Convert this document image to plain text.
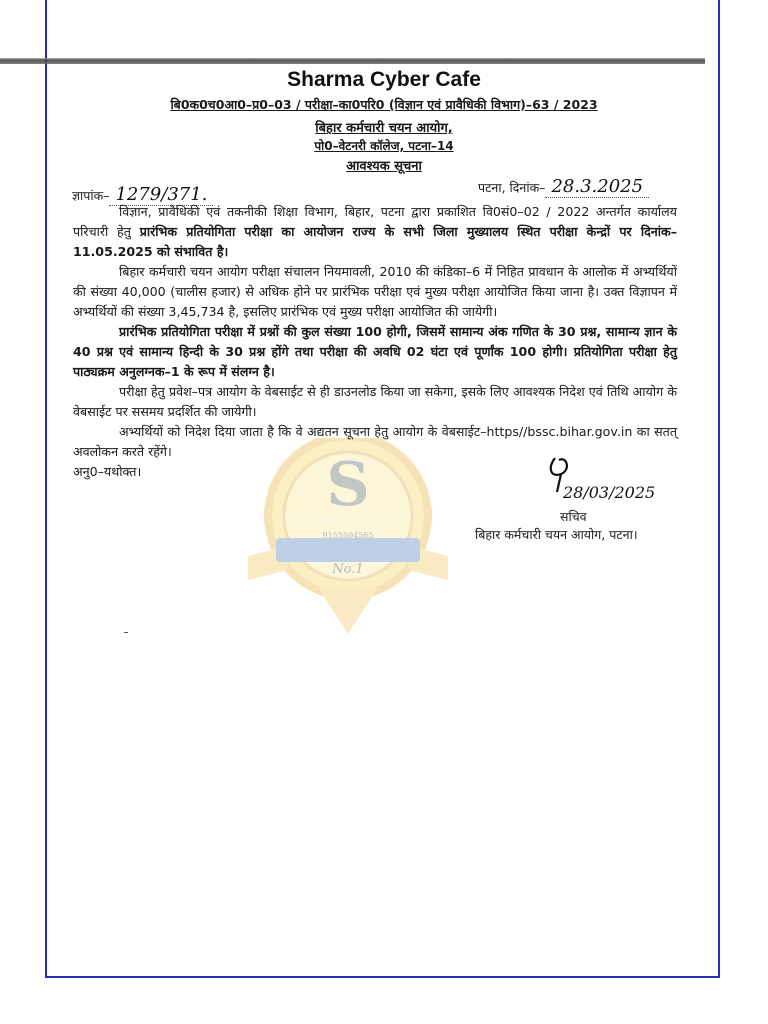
Sharma Cyber Cafe
बि0क0च0आ0–प्र0–03 / परीक्षा–का0परि0 (विज्ञान एवं प्रावैधिकी विभाग)–63 / 2023
बिहार कर्मचारी चयन आयोग,
पो0–वेटनरी कॉलेज, पटना–14
आवश्यक सूचना
ज्ञापांक– 1279/371.	पटना, दिनांक– 28.3.2025
S
SHARMA CYBER CAFE
9155504565
No.1

विज्ञान, प्रावैधिकी एवं तकनीकी शिक्षा विभाग, बिहार, पटना द्वारा प्रकाशित वि0सं0–02 / 2022 अन्तर्गत कार्यालय परिचारी हेतु प्रारंभिक प्रतियोगिता परीक्षा का आयोजन राज्य के सभी जिला मुख्यालय स्थित परीक्षा केन्द्रों पर दिनांक–11.05.2025 को संभावित है।

बिहार कर्मचारी चयन आयोग परीक्षा संचालन नियमावली, 2010 की कंडिका–6 में निहित प्रावधान के आलोक में अभ्यर्थियों की संख्या 40,000 (चालीस हजार) से अधिक होने पर प्रारंभिक परीक्षा एवं मुख्य परीक्षा आयोजित किया जाना है। उक्त विज्ञापन में अभ्यर्थियों की संख्या 3,45,734 है, इसलिए प्रारंभिक एवं मुख्य परीक्षा आयोजित की जायेगी।

प्रारंभिक प्रतियोगिता परीक्षा में प्रश्नों की कुल संख्या 100 होगी, जिसमें सामान्य अंक गणित के 30 प्रश्न, सामान्य ज्ञान के 40 प्रश्न एवं सामान्य हिन्दी के 30 प्रश्न होंगे तथा परीक्षा की अवधि 02 घंटा एवं पूर्णांक 100 होगी। प्रतियोगिता परीक्षा हेतु पाठ्यक्रम अनुलग्नक–1 के रूप में संलग्न है।

परीक्षा हेतु प्रवेश–पत्र आयोग के वेबसाईट से ही डाउनलोड किया जा सकेगा, इसके लिए आवश्यक निदेश एवं तिथि आयोग के वेबसाईट पर ससमय प्रदर्शित की जायेगी।

अभ्यर्थियों को निदेश दिया जाता है कि वे अद्यतन सूचना हेतु आयोग के वेबसाईट–https//bssc.bihar.gov.in का सतत् अवलोकन करते रहेंगे।

अनु0–यथोक्त।

28/03/2025
सचिव
बिहार कर्मचारी चयन आयोग, पटना।
